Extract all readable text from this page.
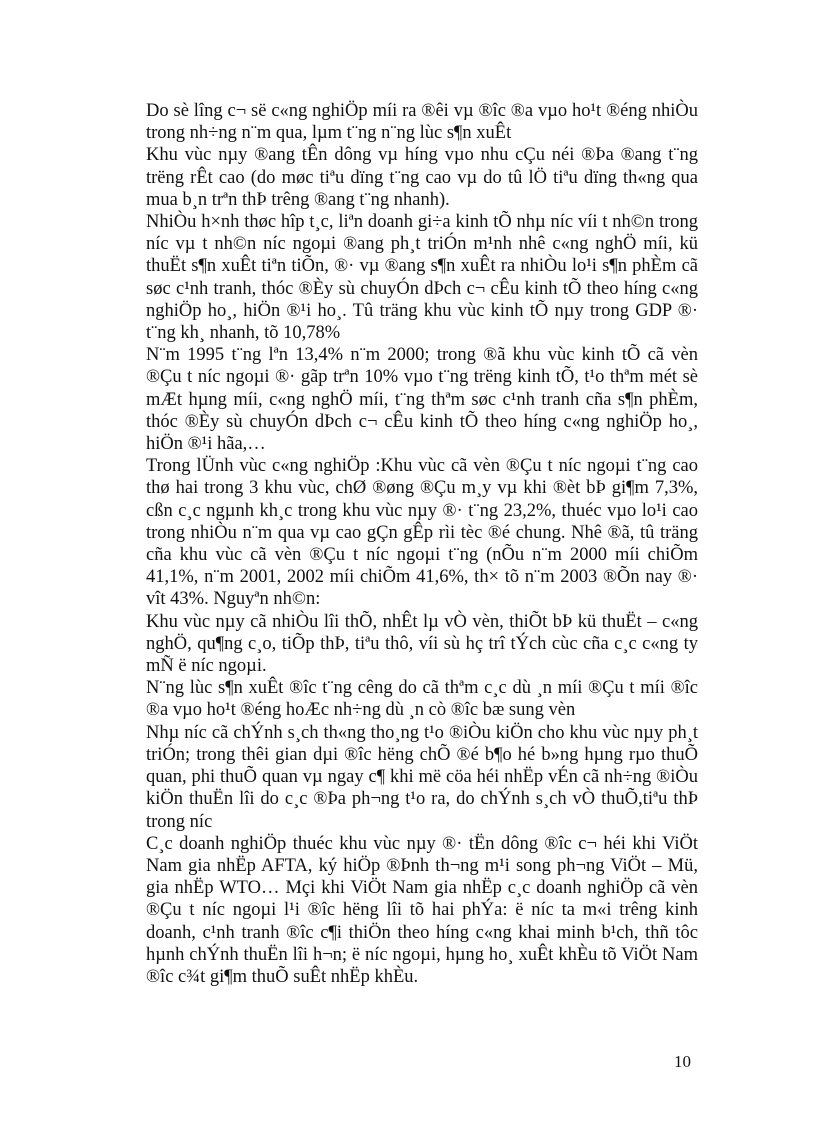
Do sè lîng c¬ së c«ng nghiÖp míi ra ®êi vµ ®îc ®a vµo ho¹t ®éng nhiÒu trong nh÷ng n¨m qua, lµm t¨ng n¨ng lùc s¶n xuÊt

Khu vùc nµy ®ang tÊn dông vµ híng vµo nhu cÇu néi ®Þa ®ang t¨ng trëng rÊt cao (do møc tiªu dïng t¨ng cao vµ do tû lÖ tiªu dïng th«ng qua mua b¸n trªn thÞ trêng ®ang t¨ng nhanh).

NhiÒu h×nh thøc hîp t¸c, liªn doanh gi÷a kinh tÕ nhµ níc víi t nh©n trong níc vµ t nh©n níc ngoµi ®ang ph¸t triÓn m¹nh nhê c«ng nghÖ míi, kü thuËt s¶n xuÊt tiªn tiÕn, ®· vµ ®ang s¶n xuÊt ra nhiÒu lo¹i s¶n phÈm cã søc c¹nh tranh, thóc ®Èy sù chuyÓn dÞch c¬ cÊu kinh tÕ theo híng c«ng nghiÖp ho¸, hiÖn ®¹i ho¸. Tû träng khu vùc kinh tÕ nµy trong GDP ®· t¨ng kh¸ nhanh, tõ 10,78%
N¨m 1995 t¨ng lªn 13,4% n¨m 2000; trong ®ã khu vùc kinh tÕ cã vèn ®Çu t níc ngoµi ®· gãp trªn 10% vµo t¨ng trëng kinh tÕ, t¹o thªm mét sè mÆt hµng míi, c«ng nghÖ míi, t¨ng thªm søc c¹nh tranh cña s¶n phÈm, thóc ®Èy sù chuyÓn dÞch c¬ cÊu kinh tÕ theo híng c«ng nghiÖp ho¸, hiÖn ®¹i hãa,…

Trong lÜnh vùc c«ng nghiÖp :Khu vùc cã vèn ®Çu t níc ngoµi t¨ng cao thø hai trong 3 khu vùc, chØ ®øng ®Çu m¸y vµ khi ®èt bÞ gi¶m 7,3%, cßn c¸c ngµnh kh¸c trong khu vùc nµy ®· t¨ng 23,2%, thuéc vµo lo¹i cao trong nhiÒu n¨m qua vµ cao gÇn gÊp rìi tèc ®é chung. Nhê ®ã, tû träng cña khu vùc cã vèn ®Çu t níc ngoµi t¨ng (nÕu n¨m 2000 míi chiÕm 41,1%, n¨m 2001, 2002 míi chiÕm 41,6%, th× tõ n¨m 2003 ®Õn nay ®· vît 43%. Nguyªn nh©n:

Khu vùc nµy cã nhiÒu lîi thÕ, nhÊt lµ vÒ vèn, thiÕt bÞ kü thuËt – c«ng nghÖ, qu¶ng c¸o, tiÕp thÞ, tiªu thô, víi sù hç trî tÝch cùc cña c¸c c«ng ty mÑ ë níc ngoµi.

N¨ng lùc s¶n xuÊt ®îc t¨ng cêng do cã thªm c¸c dù ¸n míi ®Çu t míi ®îc ®a vµo ho¹t ®éng hoÆc nh÷ng dù ¸n cò ®îc bæ sung vèn

Nhµ níc cã chÝnh s¸ch th«ng tho¸ng t¹o ®iÒu kiÖn cho khu vùc nµy ph¸t triÓn; trong thêi gian dµi ®îc hëng chÕ ®é b¶o hé b»ng hµng rµo thuÕ quan, phi thuÕ quan vµ ngay c¶ khi më cöa héi nhËp vÉn cã nh÷ng ®iÒu kiÖn thuËn lîi do c¸c ®Þa ph¬ng t¹o ra, do chÝnh s¸ch vÒ thuÕ,tiªu thÞ trong níc

C¸c doanh nghiÖp thuéc khu vùc nµy ®· tËn dông ®îc c¬ héi khi ViÖt Nam gia nhËp AFTA, ký hiÖp ®Þnh th¬ng m¹i song ph¬ng ViÖt – Mü, gia nhËp WTO… Mçi khi ViÖt Nam gia nhËp c¸c doanh nghiÖp cã vèn ®Çu t níc ngoµi l¹i ®îc hëng lîi tõ hai phÝa: ë níc ta m«i trêng kinh doanh, c¹nh tranh ®îc c¶i thiÖn theo híng c«ng khai minh b¹ch, thñ tôc hµnh chÝnh thuËn lîi h¬n; ë níc ngoµi, hµng ho¸ xuÊt khÈu tõ ViÖt Nam ®îc c¾t gi¶m thuÕ suÊt nhËp khÈu.

10
